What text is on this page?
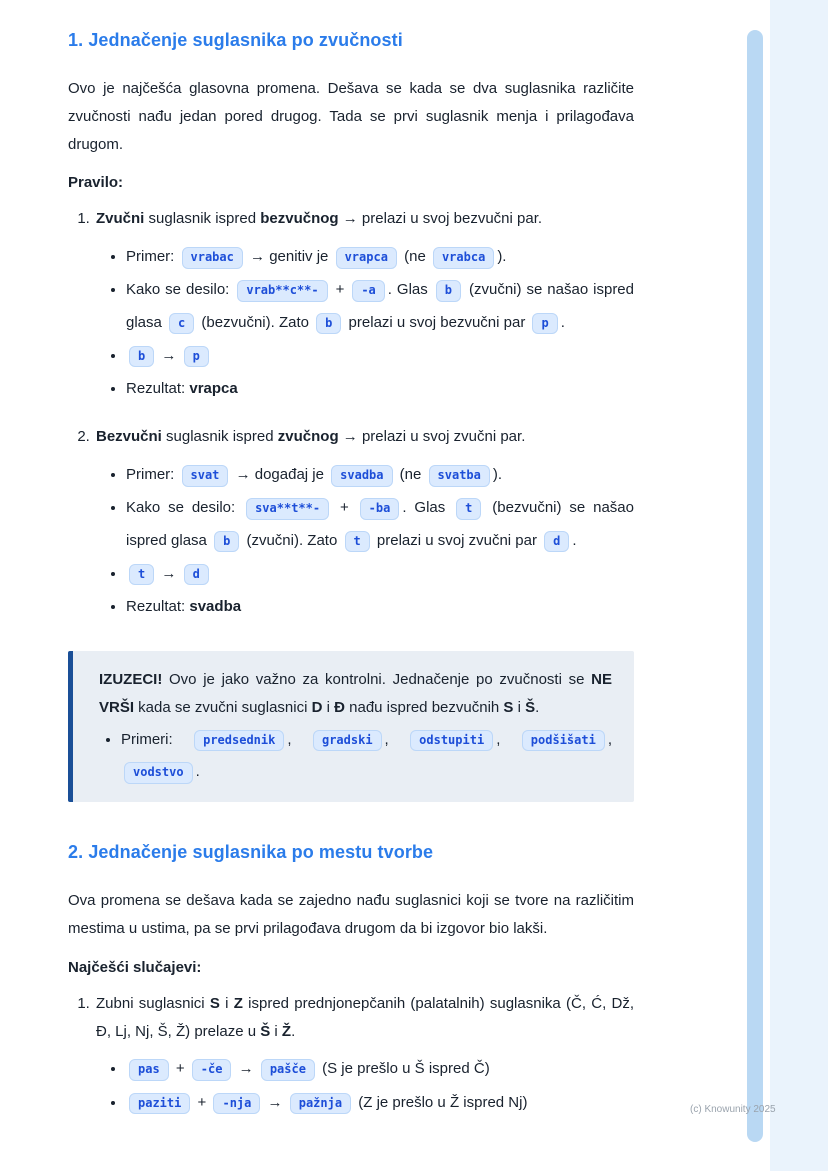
(c) Knowunity 2025
1. Jednačenje suglasnika po zvučnosti

Ovo je najčešća glasovna promena. Dešava se kada se dva suglasnika različite zvučnosti nađu jedan pored drugog. Tada se prvi suglasnik menja i prilagođava drugom.

Pravilo:

1. Zvučni suglasnik ispred bezvučnog → prelazi u svoj bezvučni par.
• Primer: vrabac → genitiv je vrapca (ne vrabca ).
• Kako se desilo: vrab**c**- + -a . Glas b (zvučni) se našao ispred glasa c (bezvučni). Zato b prelazi u svoj bezvučni par p .
• b → p
• Rezultat: vrapca
2. Bezvučni suglasnik ispred zvučnog → prelazi u svoj zvučni par.
• Primer: svat → događaj je svadba (ne svatba ).
• Kako se desilo: sva**t**- + -ba . Glas t (bezvučni) se našao ispred glasa b (zvučni). Zato t prelazi u svoj zvučni par d .
• t → d
• Rezultat: svadba

IZUZECI! Ovo je jako važno za kontrolni. Jednačenje po zvučnosti se NE VRŠI kada se zvučni suglasnici D i Đ nađu ispred bezvučnih S i Š.

• Primeri: predsednik , gradski , odstupiti , podšišati , vodstvo .
2. Jednačenje suglasnika po mestu tvorbe

Ova promena se dešava kada se zajedno nađu suglasnici koji se tvore na različitim mestima u ustima, pa se prvi prilagođava drugom da bi izgovor bio lakši.

Najčešći slučajevi:

1. Zubni suglasnici S i Z ispred prednjonepčanih (palatalnih) suglasnika (Č, Ć, Dž, Đ, Lj, Nj, Š, Ž) prelaze u Š i Ž.
• pas + -če → pašče (S je prešlo u Š ispred Č)
• paziti + -nja → pažnja (Z je prešlo u Ž ispred Nj)
